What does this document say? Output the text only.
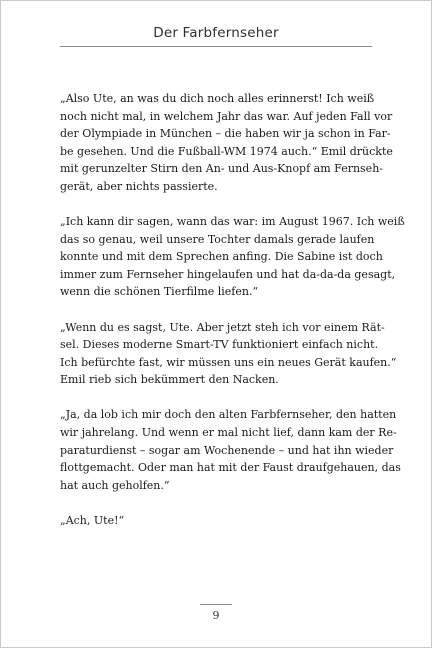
Der Farbfernseher

„Also Ute, an was du dich noch alles erinnerst! Ich weiß
noch nicht mal, in welchem Jahr das war. Auf jeden Fall vor
der Olympiade in München – die haben wir ja schon in Far-
be gesehen. Und die Fußball-WM 1974 auch.“ Emil drückte
mit gerunzelter Stirn den An- und Aus-Knopf am Fernseh-
gerät, aber nichts passierte.

„Ich kann dir sagen, wann das war: im August 1967. Ich weiß
das so genau, weil unsere Tochter damals gerade laufen
konnte und mit dem Sprechen anfing. Die Sabine ist doch
immer zum Fernseher hingelaufen und hat da-da-da gesagt,
wenn die schönen Tierfilme liefen.“

„Wenn du es sagst, Ute. Aber jetzt steh ich vor einem Rät-
sel. Dieses moderne Smart-TV funktioniert einfach nicht.
Ich befürchte fast, wir müssen uns ein neues Gerät kaufen.“
Emil rieb sich bekümmert den Nacken.

„Ja, da lob ich mir doch den alten Farbfernseher, den hatten
wir jahrelang. Und wenn er mal nicht lief, dann kam der Re-
paraturdienst – sogar am Wochenende – und hat ihn wieder
flottgemacht. Oder man hat mit der Faust draufgehauen, das
hat auch geholfen.“

„Ach, Ute!“

9
